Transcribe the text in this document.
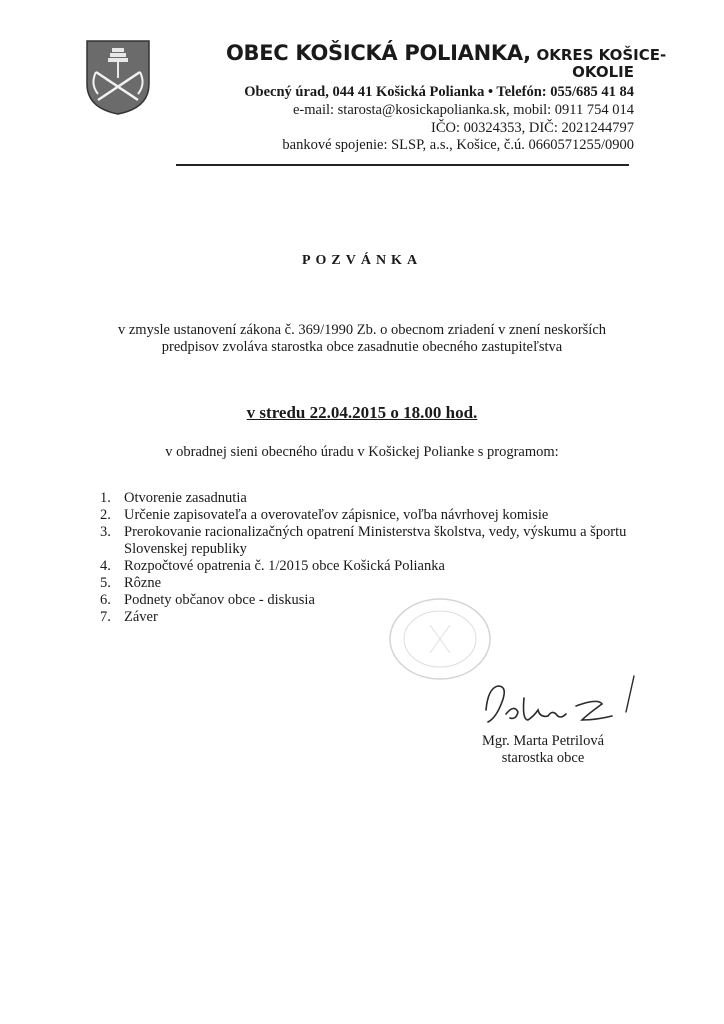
OBEC KOŠICKÁ POLIANKA, OKRES KOŠICE-
OKOLIE
Obecný úrad, 044 41 Košická Polianka • Telefón: 055/685 41 84
e-mail: starosta@kosickapolianka.sk, mobil: 0911 754 014
IČO: 00324353, DIČ: 2021244797
bankové spojenie: SLSP, a.s., Košice, č.ú. 0660571255/0900
POZVÁNKA
v zmysle ustanovení zákona č. 369/1990 Zb. o obecnom zriadení v znení neskorších
predpisov zvoláva starostka obce zasadnutie obecného zastupiteľstva
v stredu 22.04.2015 o 18.00 hod.
v obradnej sieni obecného úradu v Košickej Polianke s programom:
1. Otvorenie zasadnutia
2. Určenie zapisovateľa a overovateľov zápisnice, voľba návrhovej komisie
3. Prerokovanie racionalizačných opatrení Ministerstva školstva, vedy, výskumu a športu Slovenskej republiky
4. Rozpočtové opatrenia č. 1/2015 obce Košická Polianka
5. Rôzne
6. Podnety občanov obce - diskusia
7. Záver
Mgr. Marta Petrilová
starostka obce
